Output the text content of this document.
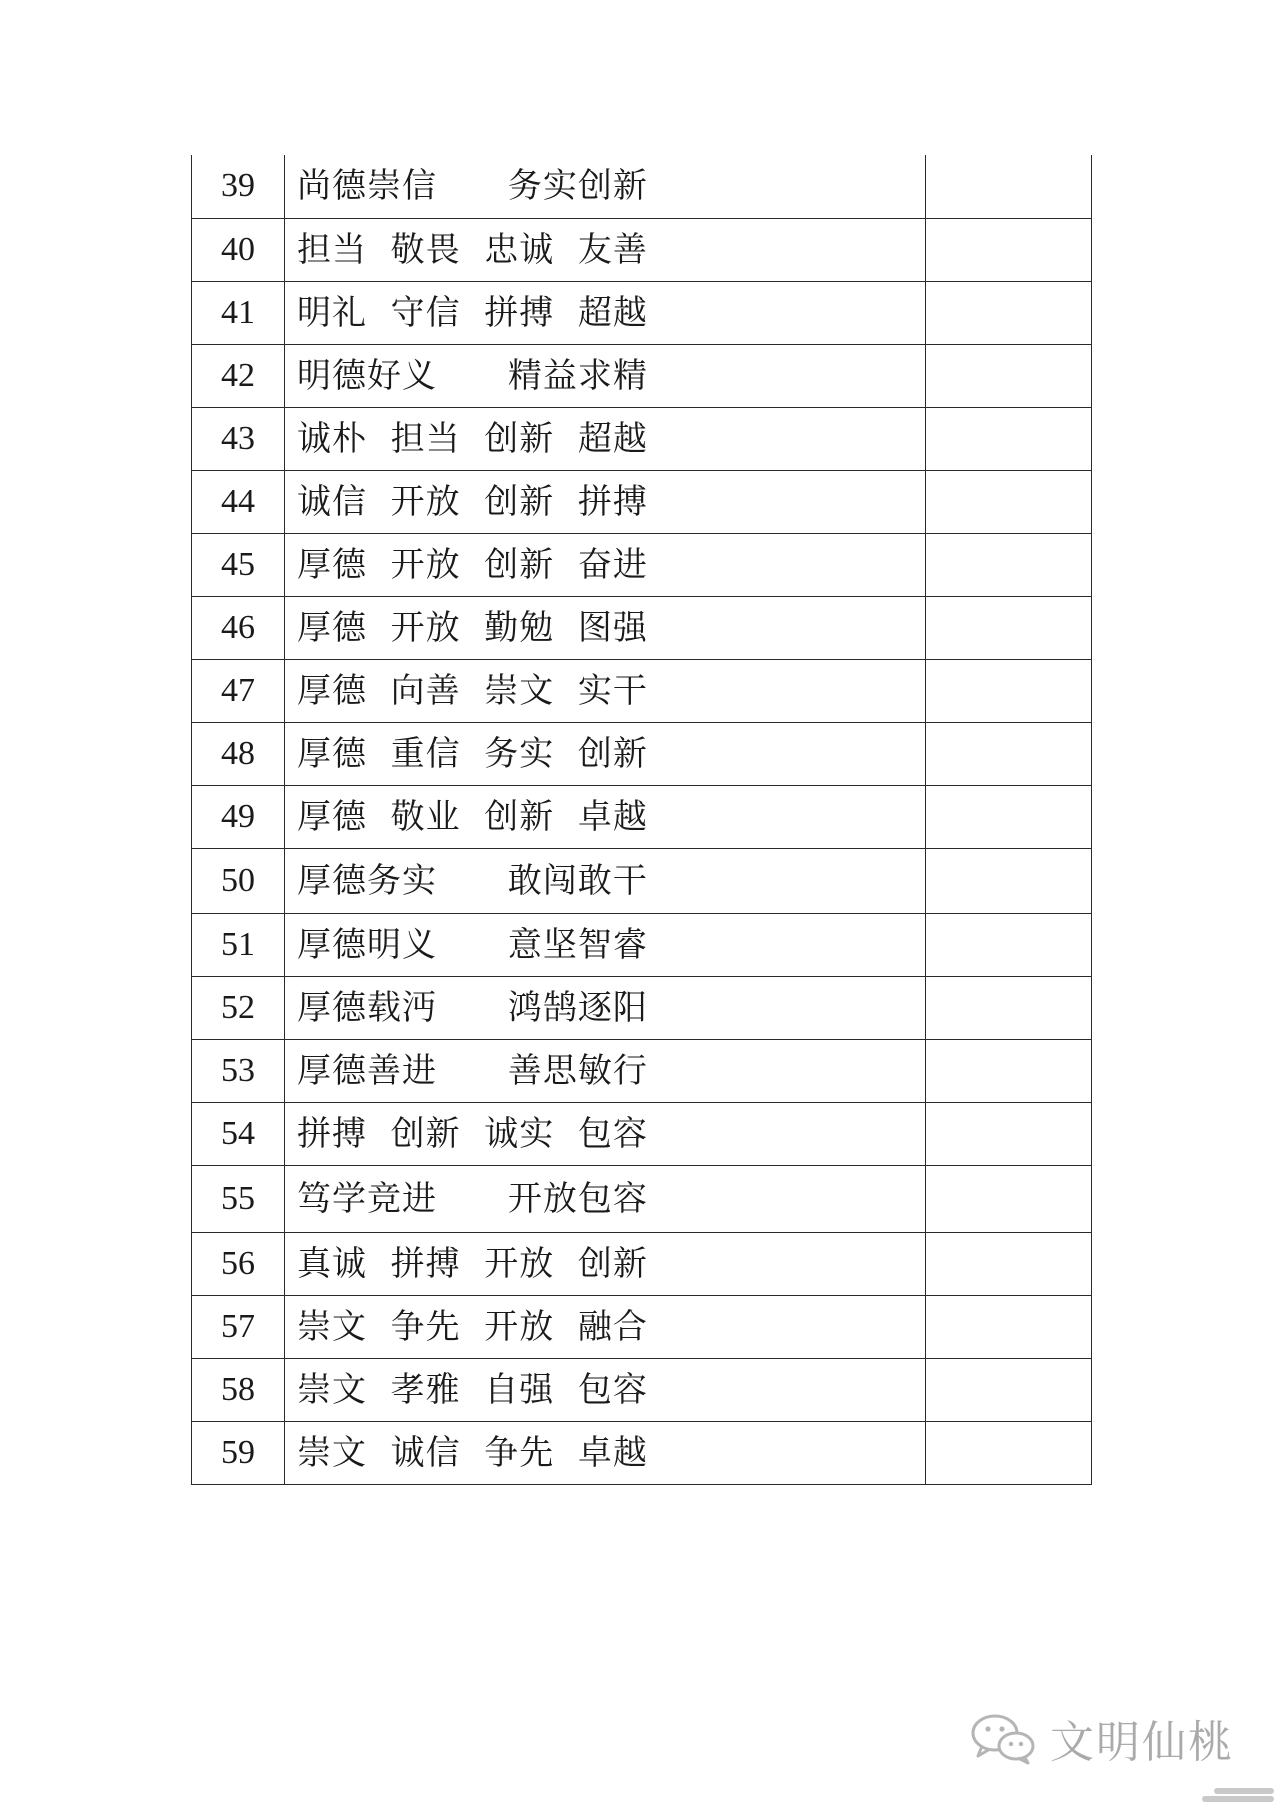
39	尚德崇信      务实创新	
40	担当  敬畏  忠诚  友善	
41	明礼  守信  拼搏  超越	
42	明德好义      精益求精	
43	诚朴  担当  创新  超越	
44	诚信  开放  创新  拼搏	
45	厚德  开放  创新  奋进	
46	厚德  开放  勤勉  图强	
47	厚德  向善  崇文  实干	
48	厚德  重信  务实  创新	
49	厚德  敬业  创新  卓越	
50	厚德务实      敢闯敢干	
51	厚德明义      意坚智睿	
52	厚德载沔      鸿鹄逐阳	
53	厚德善进      善思敏行	
54	拼搏  创新  诚实  包容	
55	笃学竞进      开放包容	
56	真诚  拼搏  开放  创新	
57	崇文  争先  开放  融合	
58	崇文  孝雅  自强  包容	
59	崇文  诚信  争先  卓越	
文明仙桃
